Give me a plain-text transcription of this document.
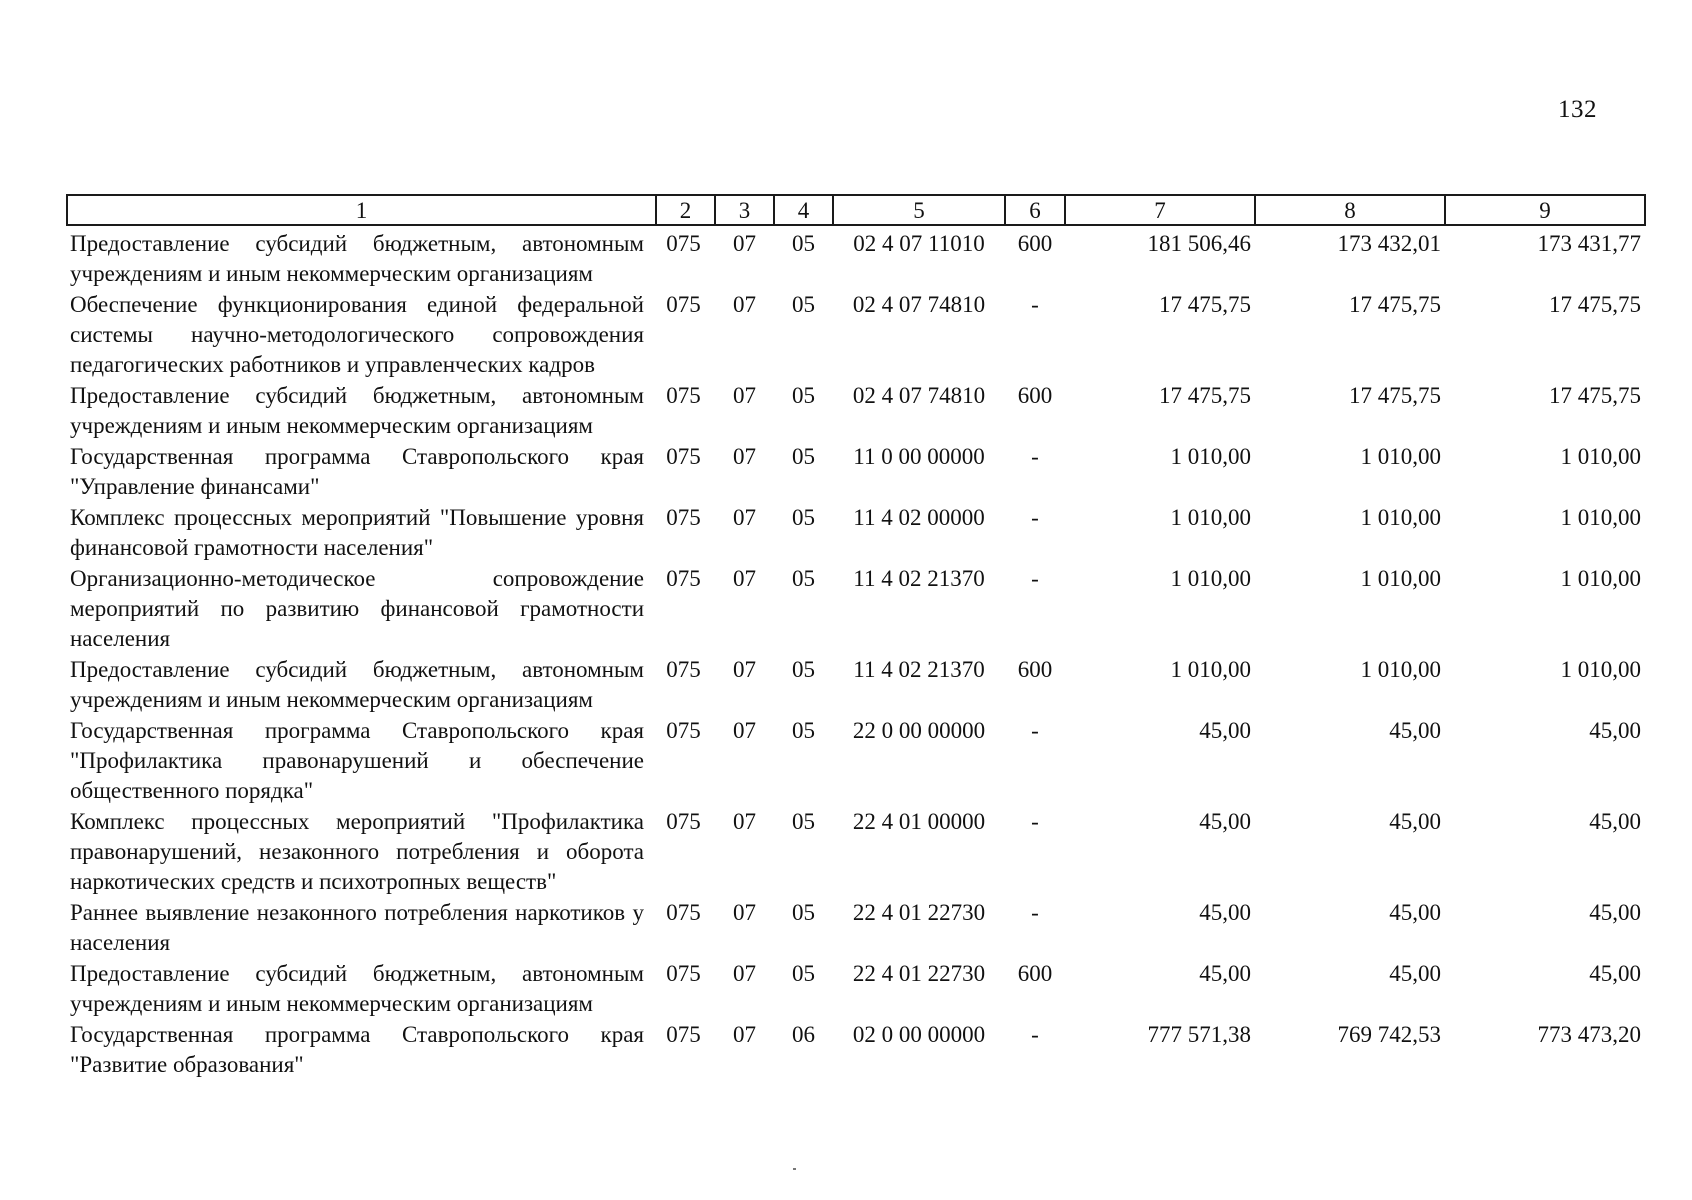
132
1	2	3	4	5	6	7	8	9
Предоставление субсидий бюджетным, автономным учреждениям и иным некоммерческим организациям	075	07	05	02 4 07 11010	600	181 506,46	173 432,01	173 431,77
Обеспечение функционирования единой федеральной системы научно-методологического сопровождения педагогических работников и управленческих кадров	075	07	05	02 4 07 74810	-	17 475,75	17 475,75	17 475,75
Предоставление субсидий бюджетным, автономным учреждениям и иным некоммерческим организациям	075	07	05	02 4 07 74810	600	17 475,75	17 475,75	17 475,75
Государственная программа Ставропольского края "Управление финансами"	075	07	05	11 0 00 00000	-	1 010,00	1 010,00	1 010,00
Комплекс процессных мероприятий "Повышение уровня финансовой грамотности населения"	075	07	05	11 4 02 00000	-	1 010,00	1 010,00	1 010,00
Организационно-методическое сопровождение мероприятий по развитию финансовой грамотности населения	075	07	05	11 4 02 21370	-	1 010,00	1 010,00	1 010,00
Предоставление субсидий бюджетным, автономным учреждениям и иным некоммерческим организациям	075	07	05	11 4 02 21370	600	1 010,00	1 010,00	1 010,00
Государственная программа Ставропольского края "Профилактика правонарушений и обеспечение общественного порядка"	075	07	05	22 0 00 00000	-	45,00	45,00	45,00
Комплекс процессных мероприятий "Профилактика правонарушений, незаконного потребления и оборота наркотических средств и психотропных веществ"	075	07	05	22 4 01 00000	-	45,00	45,00	45,00
Раннее выявление незаконного потребления наркотиков у населения	075	07	05	22 4 01 22730	-	45,00	45,00	45,00
Предоставление субсидий бюджетным, автономным учреждениям и иным некоммерческим организациям	075	07	05	22 4 01 22730	600	45,00	45,00	45,00
Государственная программа Ставропольского края "Развитие образования"	075	07	06	02 0 00 00000	-	777 571,38	769 742,53	773 473,20
